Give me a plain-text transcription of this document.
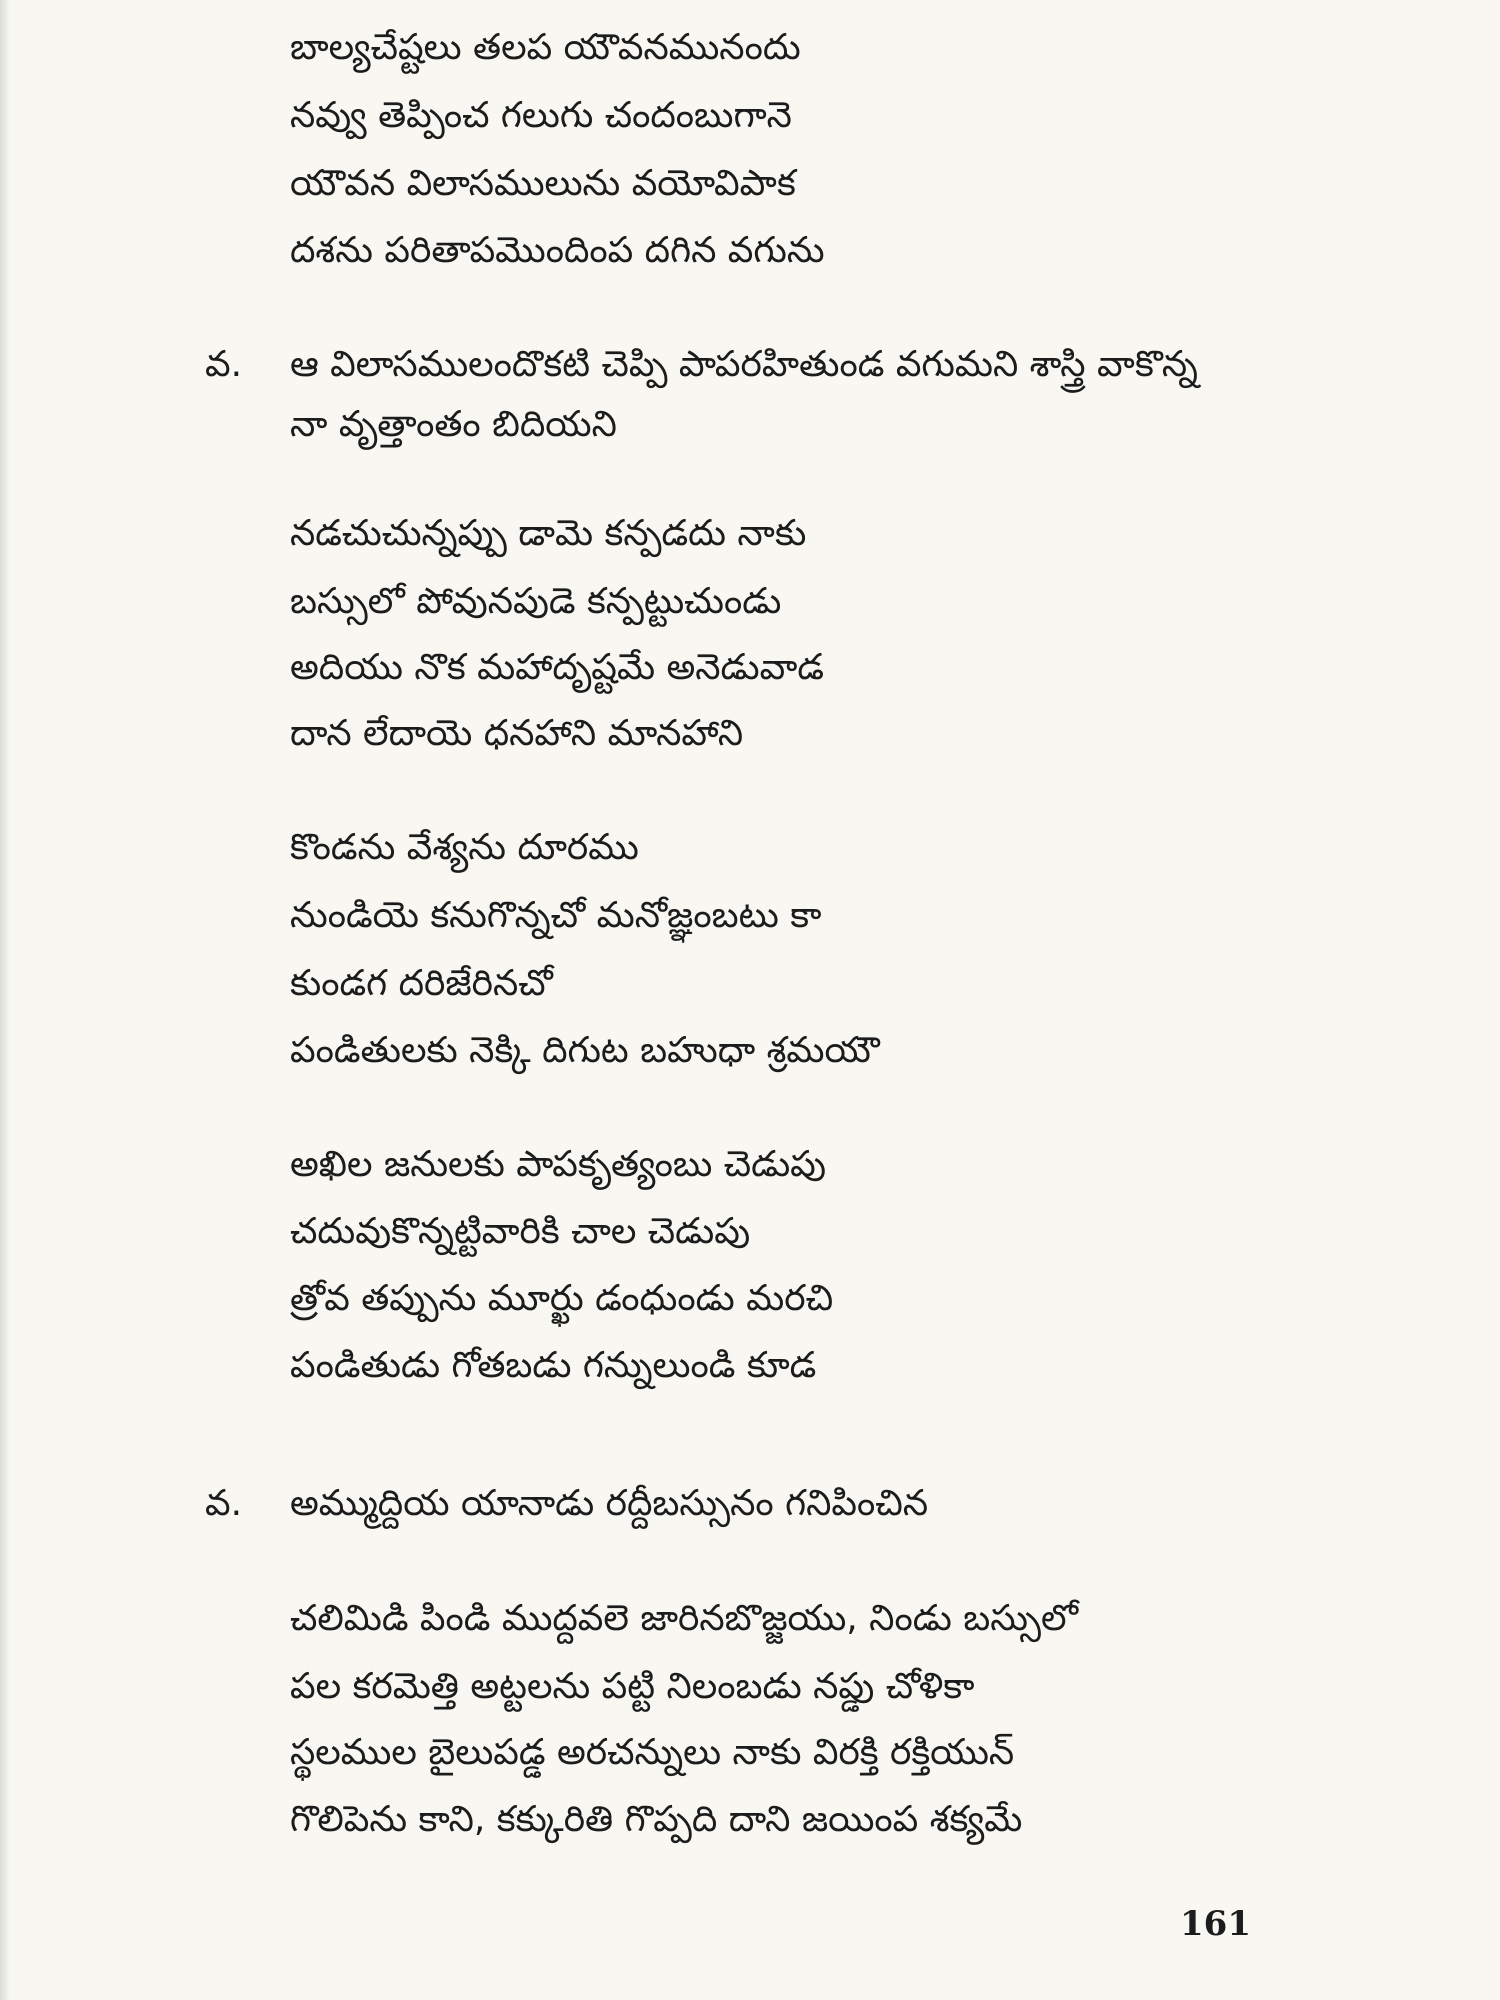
బాల్యచేష్టలు తలప యౌవనమునందు
నవ్వు తెప్పించ గలుగు చందంబుగానె
యౌవన విలాసములును వయోవిపాక
దశను పరితాపమొందింప దగిన వగును
వ. ఆ విలాసములందొకటి చెప్పి పాపరహితుండ వగుమని శాస్త్రి వాకొన్న
నా వృత్తాంతం బిదియని
నడచుచున్నప్పు డామె కన్పడదు నాకు
బస్సులో పోవునపుడె కన్పట్టుచుండు
అదియు నొక మహాదృష్టమే అనెడువాడ
దాన లేదాయె ధనహాని మానహాని
కొండను వేశ్యను దూరము
నుండియె కనుగొన్నచో మనోజ్ఞంబటు కా
కుండగ దరిజేరినచో
పండితులకు నెక్కి దిగుట బహుధా శ్రమయౌ
అఖిల జనులకు పాపకృత్యంబు చెడుపు
చదువుకొన్నట్టివారికి చాల చెడుపు
త్రోవ తప్పును మూర్ఖు డంధుండు మరచి
పండితుడు గోతబడు గన్నులుండి కూడ
వ. అమ్ముద్దియ యానాడు రద్దీబస్సునం గనిపించిన
చలిమిడి పిండి ముద్దవలె జారినబొజ్జయు, నిండు బస్సులో
పల కరమెత్తి అట్టలను పట్టి నిలంబడు నప్డు చోళికా
స్థలముల బైలుపడ్డ అరచన్నులు నాకు విరక్తి రక్తియున్
గొలిపెను కాని, కక్కురితి గొప్పది దాని జయింప శక్యమే
161
